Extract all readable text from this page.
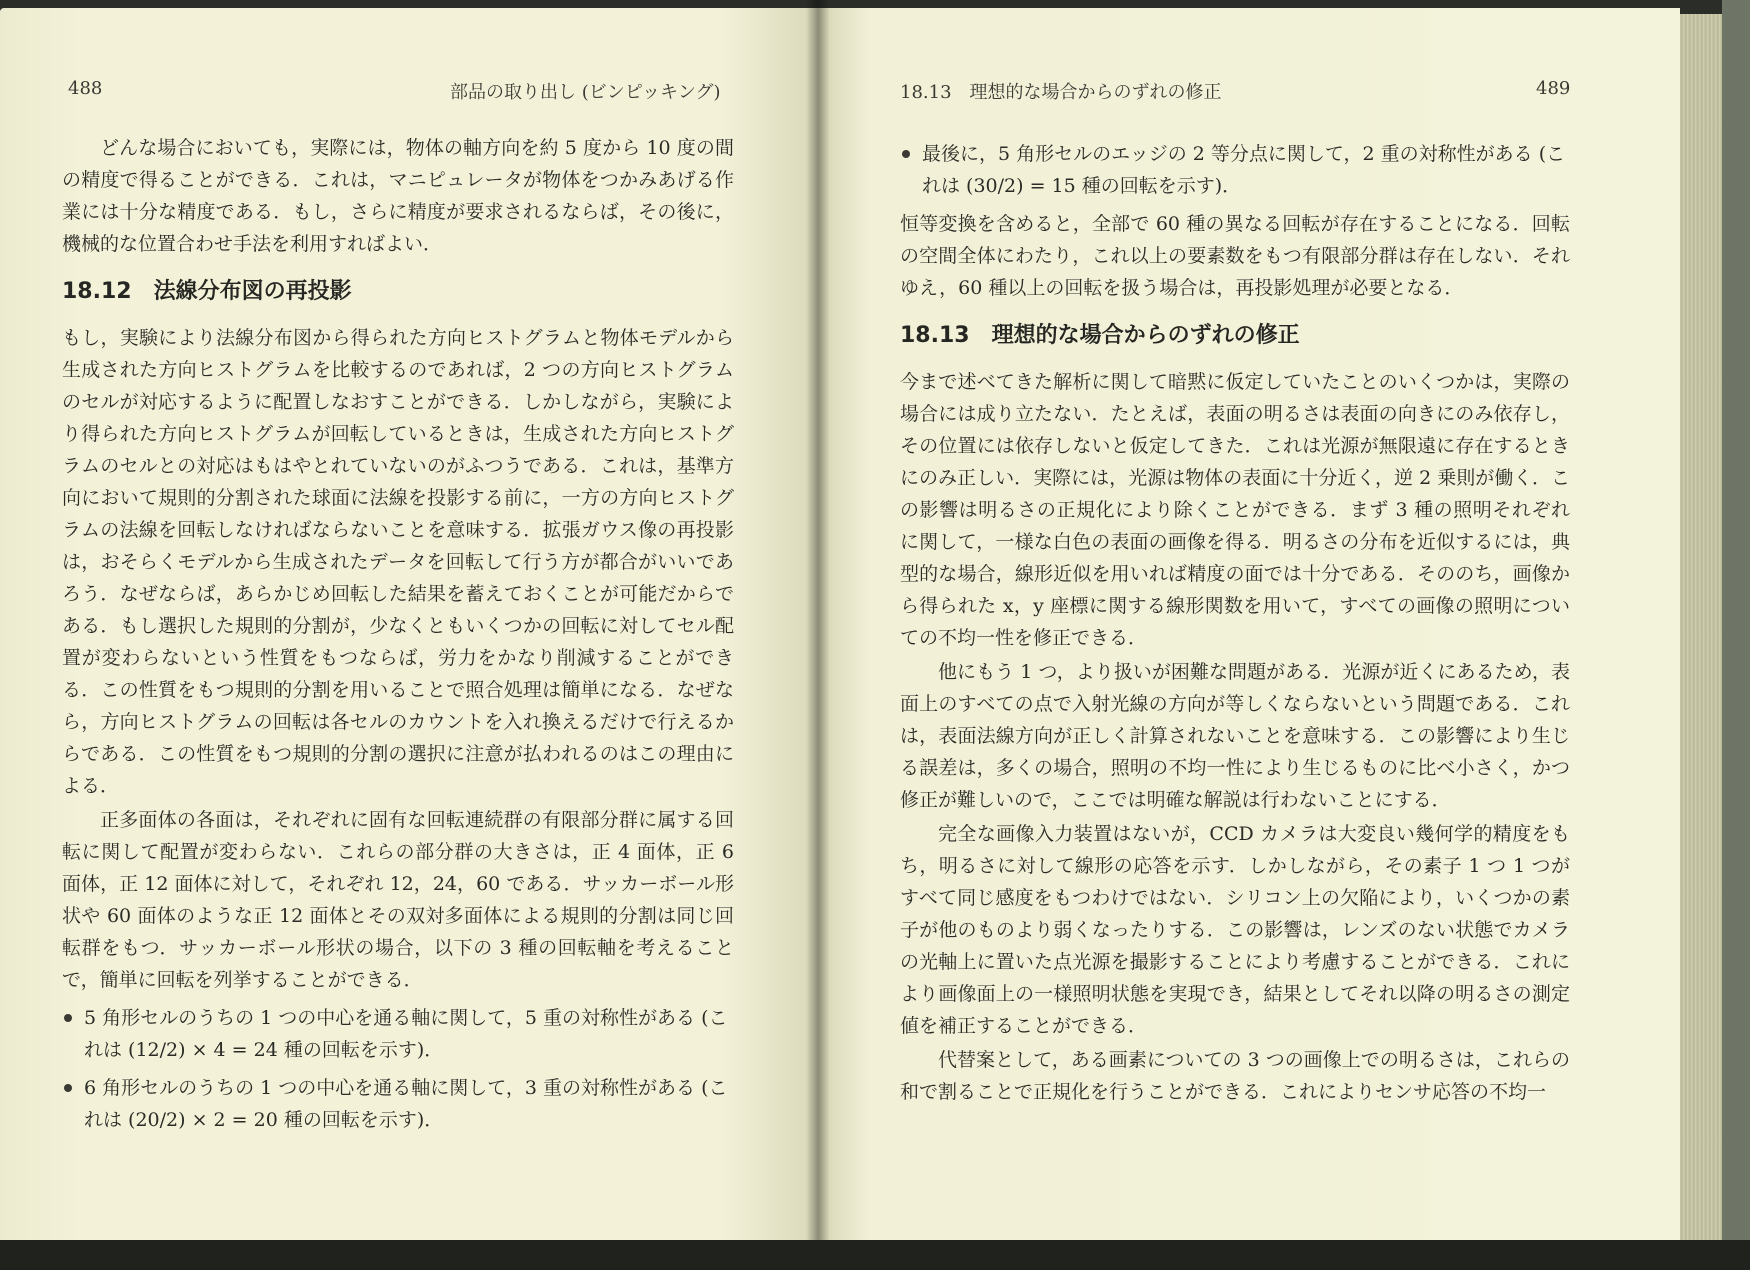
488	部品の取り出し (ビンピッキング)

どんな場合においても，実際には，物体の軸方向を約 5 度から 10 度の間の精度で得ることができる．これは，マニピュレータが物体をつかみあげる作業には十分な精度である．もし，さらに精度が要求されるならば，その後に，機械的な位置合わせ手法を利用すればよい．

18.12　法線分布図の再投影

もし，実験により法線分布図から得られた方向ヒストグラムと物体モデルから生成された方向ヒストグラムを比較するのであれば，2 つの方向ヒストグラムのセルが対応するように配置しなおすことができる．しかしながら，実験により得られた方向ヒストグラムが回転しているときは，生成された方向ヒストグラムのセルとの対応はもはやとれていないのがふつうである．これは，基準方向において規則的分割された球面に法線を投影する前に，一方の方向ヒストグラムの法線を回転しなければならないことを意味する．拡張ガウス像の再投影は，おそらくモデルから生成されたデータを回転して行う方が都合がいいであろう．なぜならば，あらかじめ回転した結果を蓄えておくことが可能だからである．もし選択した規則的分割が，少なくともいくつかの回転に対してセル配置が変わらないという性質をもつならば，労力をかなり削減することができる．この性質をもつ規則的分割を用いることで照合処理は簡単になる．なぜなら，方向ヒストグラムの回転は各セルのカウントを入れ換えるだけで行えるからである．この性質をもつ規則的分割の選択に注意が払われるのはこの理由による．

正多面体の各面は，それぞれに固有な回転連続群の有限部分群に属する回転に関して配置が変わらない．これらの部分群の大きさは，正 4 面体，正 6 面体，正 12 面体に対して，それぞれ 12，24，60 である．サッカーボール形状や 60 面体のような正 12 面体とその双対多面体による規則的分割は同じ回転群をもつ．サッカーボール形状の場合，以下の 3 種の回転軸を考えることで，簡単に回転を列挙することができる．

5 角形セルのうちの 1 つの中心を通る軸に関して，5 重の対称性がある (これは (12/2) × 4 = 24 種の回転を示す)．
6 角形セルのうちの 1 つの中心を通る軸に関して，3 重の対称性がある (これは (20/2) × 2 = 20 種の回転を示す)．
18.13　理想的な場合からのずれの修正	489
最後に，5 角形セルのエッジの 2 等分点に関して，2 重の対称性がある (これは (30/2) = 15 種の回転を示す)．

恒等変換を含めると，全部で 60 種の異なる回転が存在することになる．回転の空間全体にわたり，これ以上の要素数をもつ有限部分群は存在しない．それゆえ，60 種以上の回転を扱う場合は，再投影処理が必要となる．

18.13　理想的な場合からのずれの修正

今まで述べてきた解析に関して暗黙に仮定していたことのいくつかは，実際の場合には成り立たない．たとえば，表面の明るさは表面の向きにのみ依存し，その位置には依存しないと仮定してきた．これは光源が無限遠に存在するときにのみ正しい．実際には，光源は物体の表面に十分近く，逆 2 乗則が働く．この影響は明るさの正規化により除くことができる．まず 3 種の照明それぞれに関して，一様な白色の表面の画像を得る．明るさの分布を近似するには，典型的な場合，線形近似を用いれば精度の面では十分である．そののち，画像から得られた x，y 座標に関する線形関数を用いて，すべての画像の照明についての不均一性を修正できる．

他にもう 1 つ，より扱いが困難な問題がある．光源が近くにあるため，表面上のすべての点で入射光線の方向が等しくならないという問題である．これは，表面法線方向が正しく計算されないことを意味する．この影響により生じる誤差は，多くの場合，照明の不均一性により生じるものに比べ小さく，かつ修正が難しいので，ここでは明確な解説は行わないことにする．

完全な画像入力装置はないが，CCD カメラは大変良い幾何学的精度をもち，明るさに対して線形の応答を示す．しかしながら，その素子 1 つ 1 つがすべて同じ感度をもつわけではない．シリコン上の欠陥により，いくつかの素子が他のものより弱くなったりする．この影響は，レンズのない状態でカメラの光軸上に置いた点光源を撮影することにより考慮することができる．これにより画像面上の一様照明状態を実現でき，結果としてそれ以降の明るさの測定値を補正することができる．

代替案として，ある画素についての 3 つの画像上での明るさは，これらの和で割ることで正規化を行うことができる．これによりセンサ応答の不均一
